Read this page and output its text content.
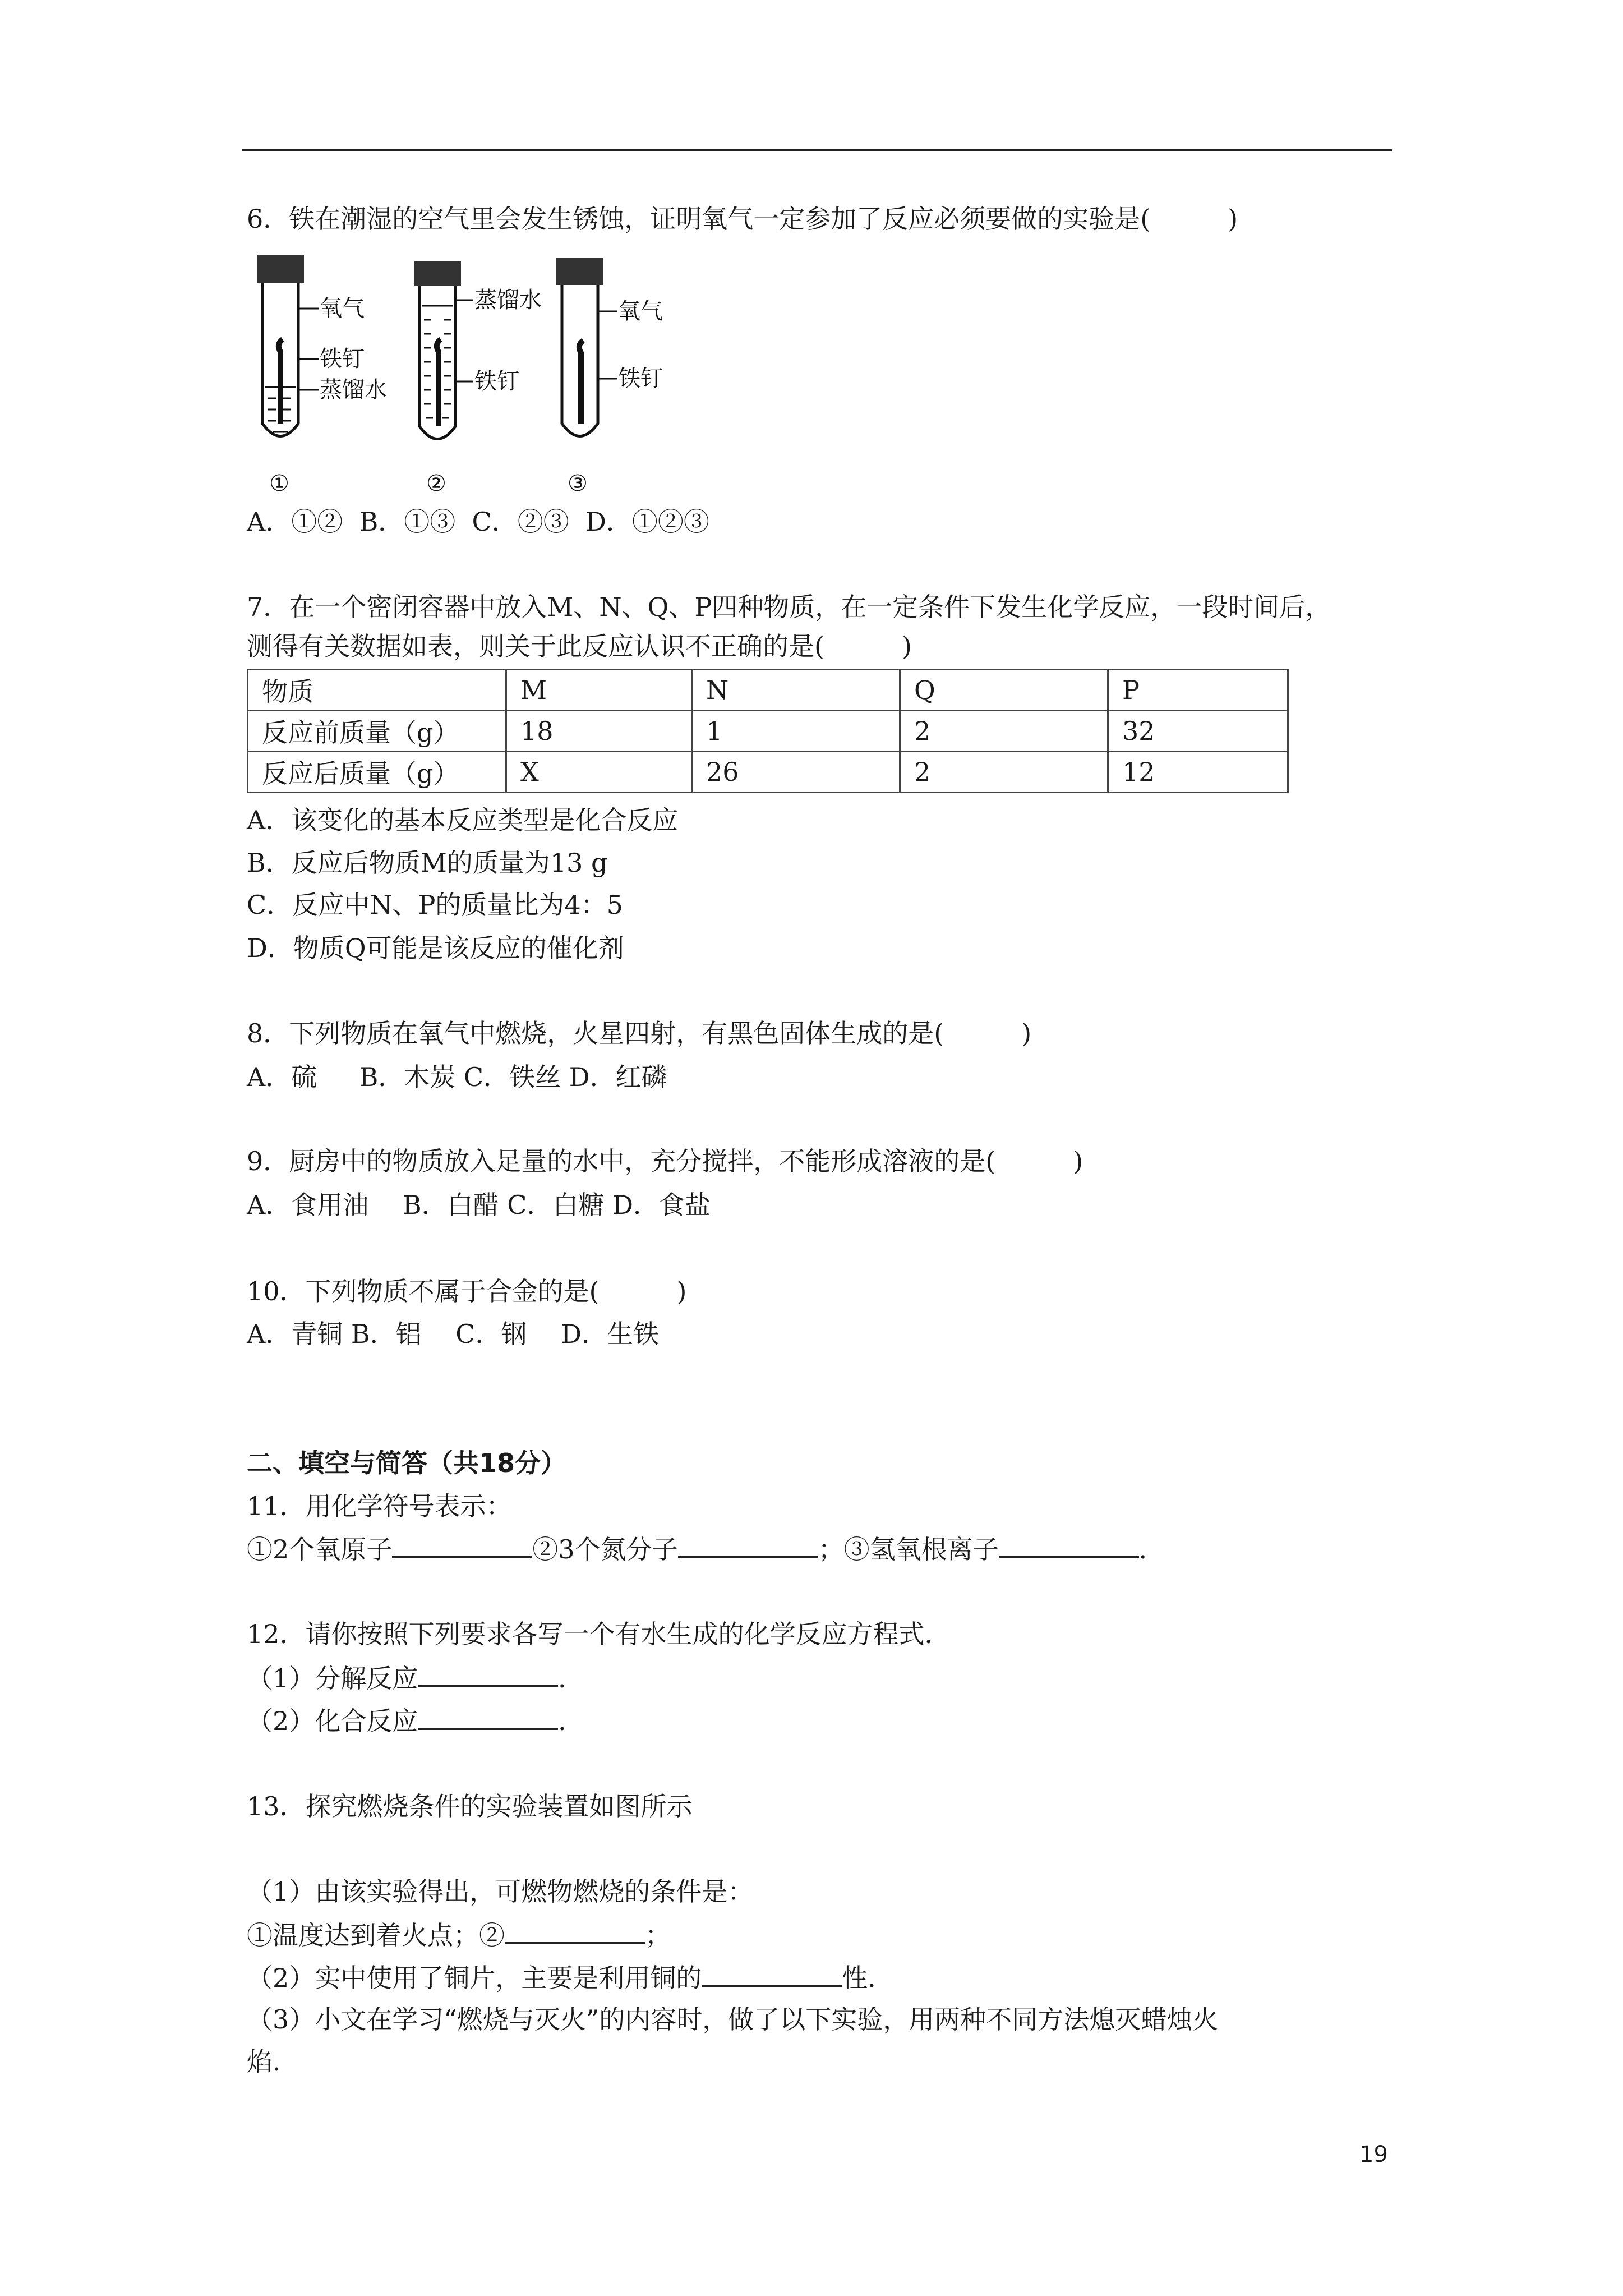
6．铁在潮湿的空气里会发生锈蚀，证明氧气一定参加了反应必须要做的实验是(　　　)
氧气
铁钉
蒸馏水
①
蒸馏水
铁钉
②
氧气
铁钉
③
A．①②  B．①③  C．②③  D．①②③
7．在一个密闭容器中放入M、N、Q、P四种物质，在一定条件下发生化学反应，一段时间后，
测得有关数据如表，则关于此反应认识不正确的是(　　　)
物质	M	N	Q	P
反应前质量（g）	18	1	2	32
反应后质量（g）	X	26	2	12
A．该变化的基本反应类型是化合反应
B．反应后物质M的质量为13 g
C．反应中N、P的质量比为4：5
D．物质Q可能是该反应的催化剂
8．下列物质在氧气中燃烧，火星四射，有黑色固体生成的是(　　　)
A．硫　  B．木炭 C．铁丝 D．红磷
9．厨房中的物质放入足量的水中，充分搅拌，不能形成溶液的是(　　　)
A．食用油　 B．白醋 C．白糖 D．食盐
10．下列物质不属于合金的是(　　　)
A．青铜 B．铝　 C．钢　 D．生铁
二、填空与简答（共18分）
11．用化学符号表示：
①2个氧原子	②3个氮分子	；③氢氧根离子	．
12．请你按照下列要求各写一个有水生成的化学反应方程式．
（1）分解反应	．
（2）化合反应	．
13．探究燃烧条件的实验装置如图所示
（1）由该实验得出，可燃物燃烧的条件是：
①温度达到着火点；②	；
（2）实中使用了铜片，主要是利用铜的	性．
（3）小文在学习“燃烧与灭火”的内容时，做了以下实验，用两种不同方法熄灭蜡烛火
焰．
19
